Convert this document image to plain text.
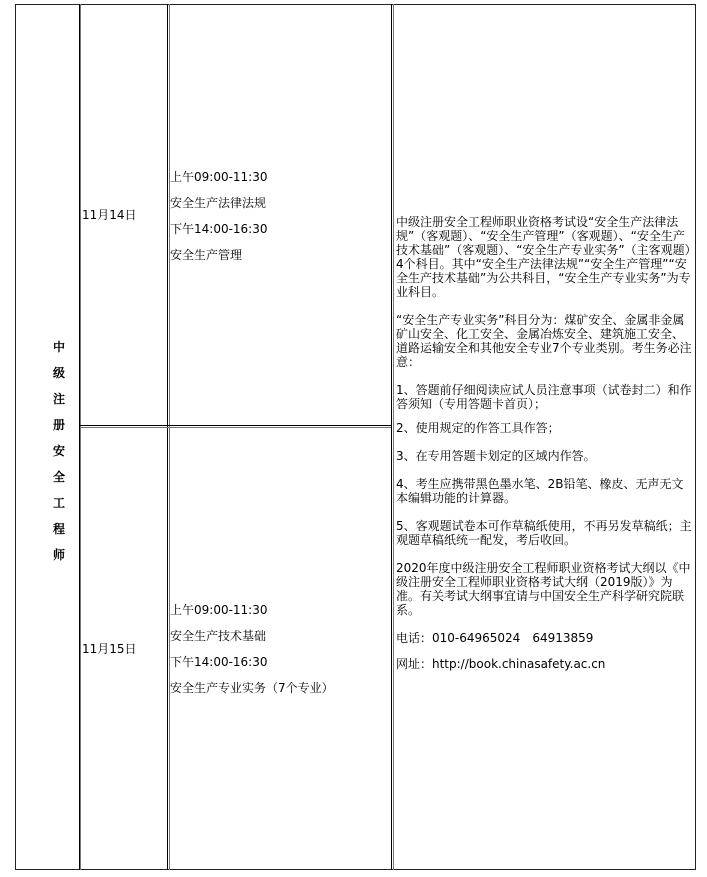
中
级
注
册
安
全
工
程
师
11月14日
上午09:00-11:30
安全生产法律法规
下午14:00-16:30
安全生产管理
11月15日
上午09:00-11:30
安全生产技术基础
下午14:00-16:30
安全生产专业实务（7个专业）

中级注册安全工程师职业资格考试设“安全生产法律法规”（客观题）、“安全生产管理”（客观题）、“安全生产技术基础”（客观题）、“安全生产专业实务”（主客观题）4个科目。其中“安全生产法律法规”“安全生产管理”“安全生产技术基础”为公共科目，“安全生产专业实务”为专业科目。

“安全生产专业实务”科目分为：煤矿安全、金属非金属矿山安全、化工安全、金属冶炼安全、建筑施工安全、道路运输安全和其他安全专业7个专业类别。考生务必注意：

1、答题前仔细阅读应试人员注意事项（试卷封二）和作答须知（专用答题卡首页）；

2、使用规定的作答工具作答；

3、在专用答题卡划定的区域内作答。

4、考生应携带黑色墨水笔、2B铅笔、橡皮、无声无文本编辑功能的计算器。

5、客观题试卷本可作草稿纸使用，不再另发草稿纸；主观题草稿纸统一配发，考后收回。

2020年度中级注册安全工程师职业资格考试大纲以《中级注册安全工程师职业资格考试大纲（2019版）》为准。有关考试大纲事宜请与中国安全生产科学研究院联系。

电话：010-64965024　64913859

网址：http://book.chinasafety.ac.cn
